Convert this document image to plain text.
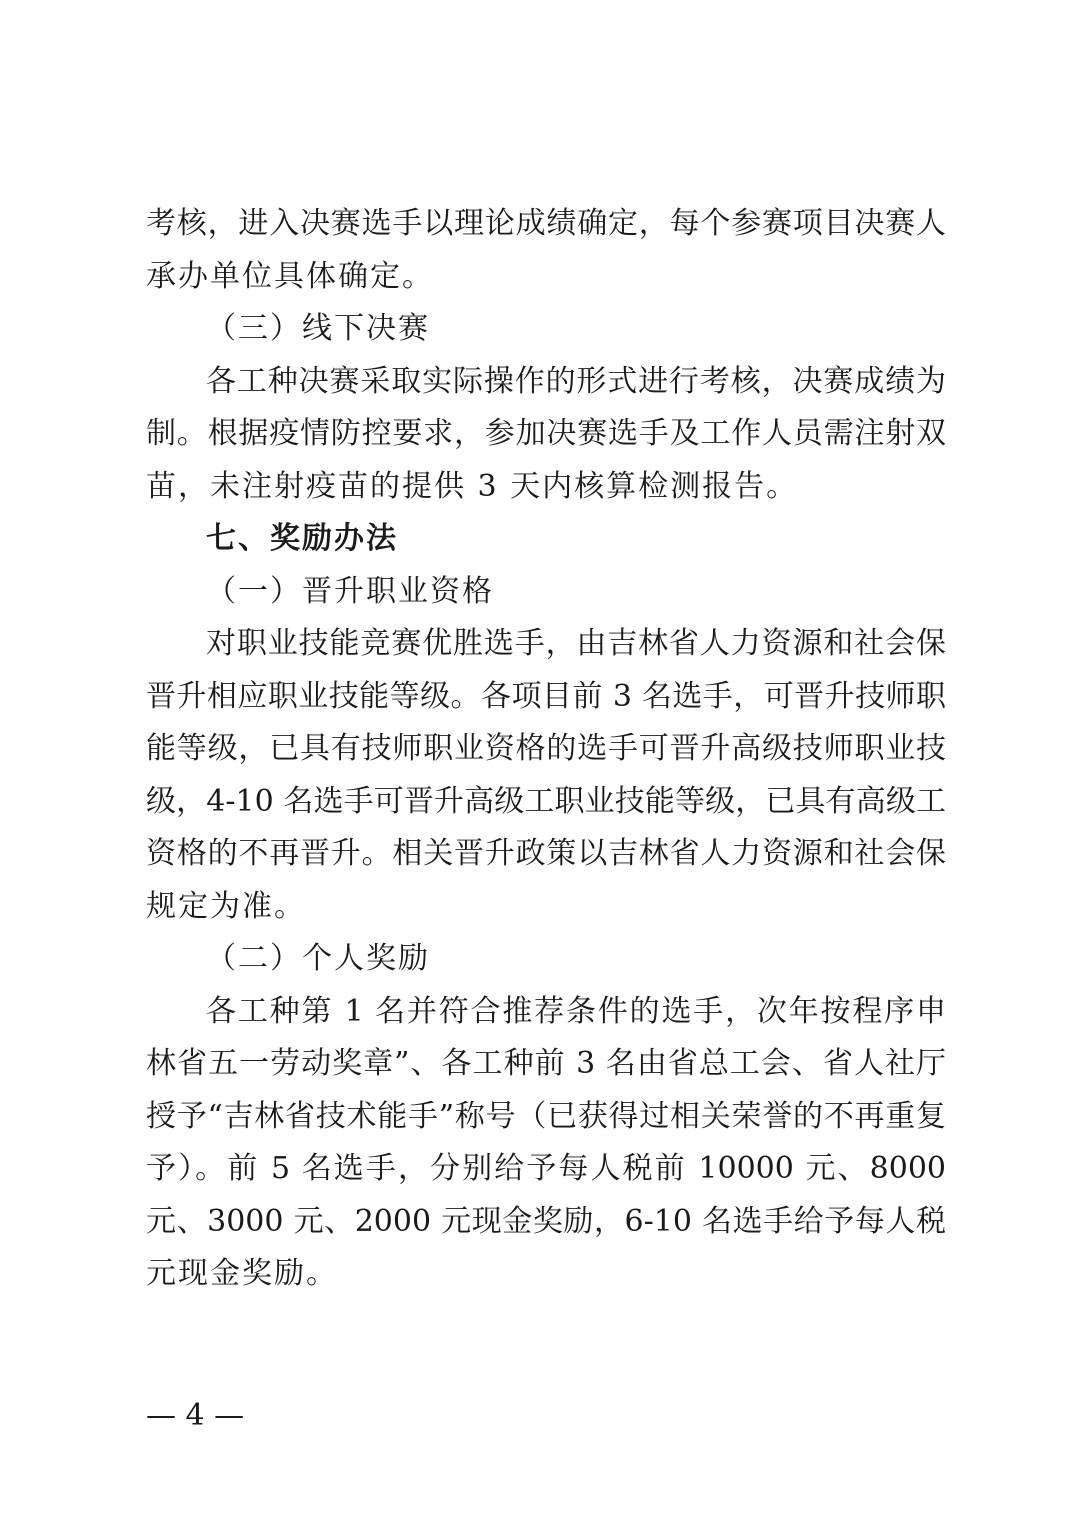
考核，进入决赛选手以理论成绩确定，每个参赛项目决赛人
承办单位具体确定。
（三）线下决赛
各工种决赛采取实际操作的形式进行考核，决赛成绩为
制。根据疫情防控要求，参加决赛选手及工作人员需注射双
苗，未注射疫苗的提供 3 天内核算检测报告。
七、奖励办法
（一）晋升职业资格
对职业技能竞赛优胜选手，由吉林省人力资源和社会保
晋升相应职业技能等级。各项目前 3 名选手，可晋升技师职
能等级，已具有技师职业资格的选手可晋升高级技师职业技
级，4-10 名选手可晋升高级工职业技能等级，已具有高级工
资格的不再晋升。相关晋升政策以吉林省人力资源和社会保
规定为准。
（二）个人奖励
各工种第 1 名并符合推荐条件的选手，次年按程序申
林省五一劳动奖章”、各工种前 3 名由省总工会、省人社厅
授予“吉林省技术能手”称号（已获得过相关荣誉的不再重复
予）。前 5 名选手，分别给予每人税前 10000 元、8000
元、3000 元、2000 元现金奖励，6-10 名选手给予每人税
元现金奖励。
— 4 —
